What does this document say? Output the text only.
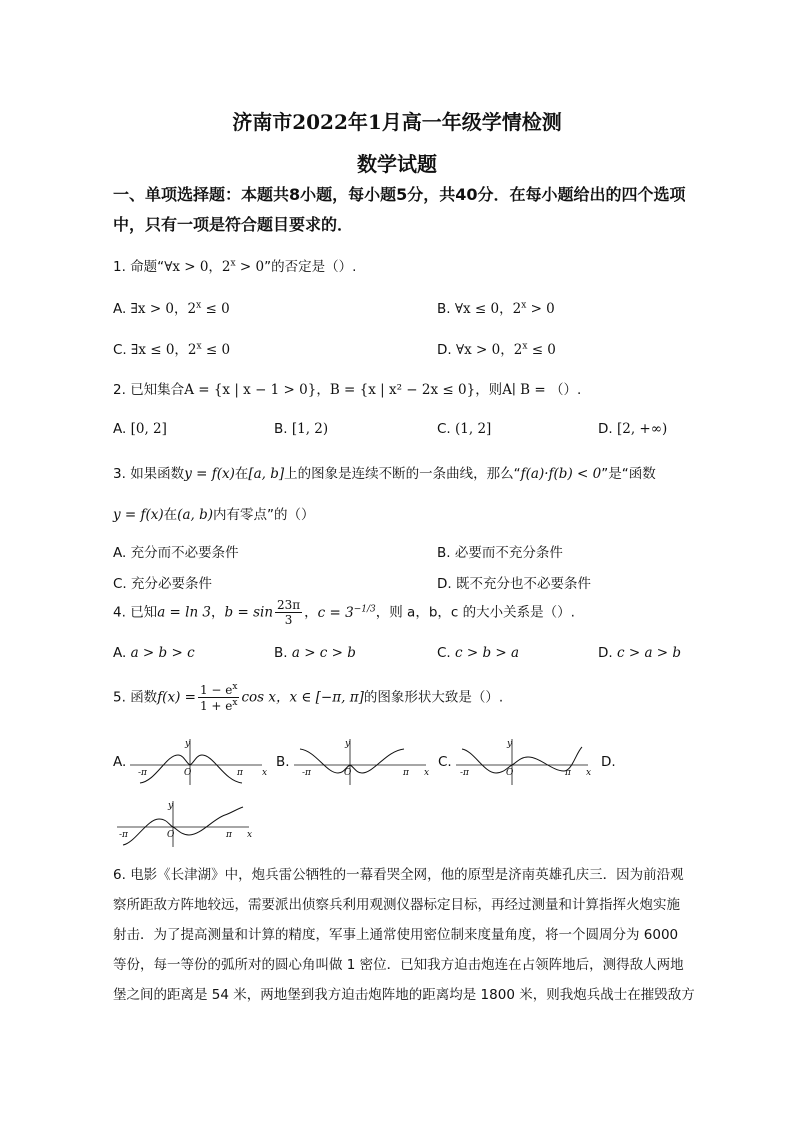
济南市2022年1月高一年级学情检测
数学试题
一、单项选择题：本题共8小题，每小题5分，共40分．在每小题给出的四个选项中，只有一项是符合题目要求的．
1. 命题“∀x > 0，$2^x > 0$”的否定是（）.
A. ∃x > 0，$2^x \le 0$	B. ∀x ≤ 0，$2^x > 0$
C. ∃x ≤ 0，$2^x \le 0$	D. ∀x > 0，$2^x \le 0$
2. 已知集合A = {x | x − 1 > 0}，B = {x | x² − 2x ≤ 0}，则A∣ B = （）.
A. [0, 2]	B. [1, 2)	C. (1, 2]	D. [2, +∞)
3. 如果函数y = f(x)在[a, b]上的图象是连续不断的一条曲线，那么“f(a)·f(b) < 0”是“函数
y = f(x)在(a, b)内有零点”的（）
A. 充分而不必要条件	B. 必要而不充分条件
C. 充分必要条件	D. 既不充分也不必要条件
4. 已知a = ln 3，$b = \sin \frac{23\pi}{3}$ ，$c = 3^{-1/3}$，则 a，b，c 的大小关系是（）.
A. a > b > c	B. a > c > b	C. c > b > a	D. c > a > b
5. 函数$f(x) = \frac{1 - e^x}{1 + e^x}$ cos x，x ∈ [−π, π]的图象形状大致是（）.
A.
y
x
O
-π	π
B.
y
x
O
-π	π
C.
y
x
O
-π	π
D.
y
x
O
-π	π
6. 电影《长津湖》中，炮兵雷公牺牲的一幕看哭全网，他的原型是济南英雄孔庆三．因为前沿观
察所距敌方阵地较远，需要派出侦察兵利用观测仪器标定目标，再经过测量和计算指挥火炮实施
射击．为了提高测量和计算的精度，军事上通常使用密位制来度量角度，将一个圆周分为 6000
等份，每一等份的弧所对的圆心角叫做 1 密位．已知我方迫击炮连在占领阵地后，测得敌人两地
堡之间的距离是 54 米，两地堡到我方迫击炮阵地的距离均是 1800 米，则我炮兵战士在摧毁敌方
